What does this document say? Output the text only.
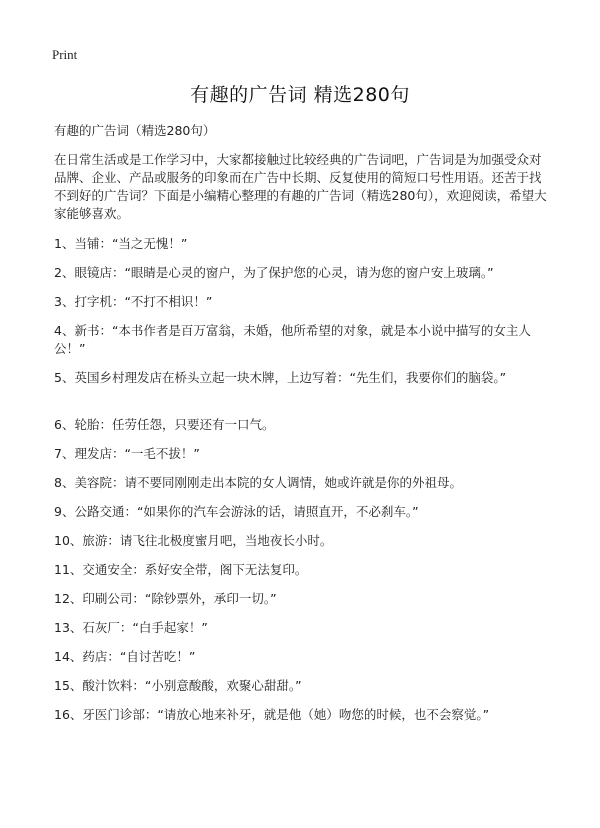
Print
有趣的广告词 精选280句
有趣的广告词（精选280句）

在日常生活或是工作学习中，大家都接触过比较经典的广告词吧，广告词是为加强受众对品牌、企业、产品或服务的印象而在广告中长期、反复使用的简短口号性用语。还苦于找不到好的广告词？下面是小编精心整理的有趣的广告词（精选280句），欢迎阅读，希望大家能够喜欢。

1、当铺：“当之无愧！”
2、眼镜店：“眼睛是心灵的窗户，为了保护您的心灵，请为您的窗户安上玻璃。”
3、打字机：“不打不相识！”
4、新书：“本书作者是百万富翁，未婚，他所希望的对象，就是本小说中描写的女主人公！”
5、英国乡村理发店在桥头立起一块木牌，上边写着：“先生们，我要你们的脑袋。”
6、轮胎：任劳任怨，只要还有一口气。
7、理发店：“一毛不拔！”
8、美容院：请不要同刚刚走出本院的女人调情，她或许就是你的外祖母。
9、公路交通：“如果你的汽车会游泳的话，请照直开，不必刹车。”
10、旅游：请飞往北极度蜜月吧，当地夜长小时。
11、交通安全：系好安全带，阁下无法复印。
12、印刷公司：“除钞票外，承印一切。”
13、石灰厂：“白手起家！”
14、药店：“自讨苦吃！”
15、酸汁饮料：“小别意酸酸，欢聚心甜甜。”
16、牙医门诊部：“请放心地来补牙，就是他（她）吻您的时候，也不会察觉。”
